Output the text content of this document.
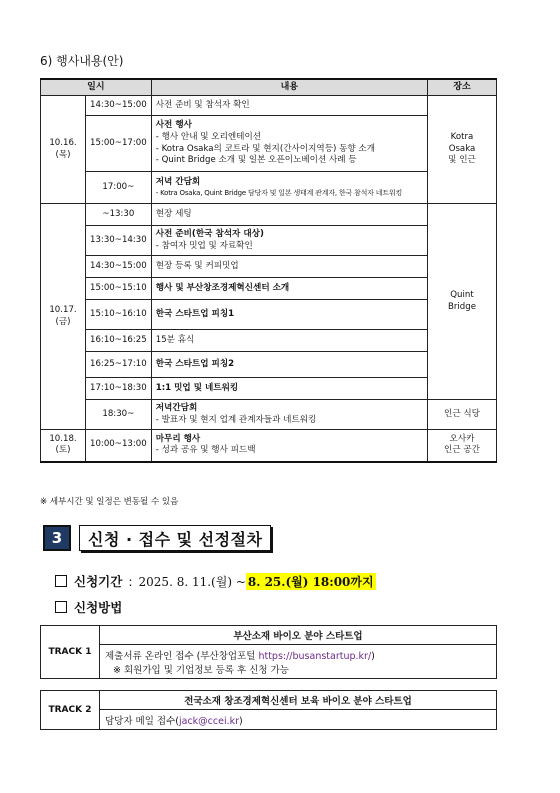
6) 행사내용(안)
일시		내용	장소

10.16.
(목)	14:30~15:00	사전 준비 및 참석자 확인	Kotra
Osaka
및 인근

	15:00~17:00	사전 행사
- 행사 안내 및 오리엔테이션
- Kotra Osaka의 코트라 및 현지(간사이지역등) 동향 소개
- Quint Bridge 소개 및 일본 오픈이노베이션 사례 등	

	17:00~	저녁 간담회
- Kotra Osaka, Quint Bridge 담당자 및 일본 생태계 관계자, 한국 참석자 네트워킹	

10.17.
(금)	~13:30	현장 세팅	Quint
Bridge

	13:30~14:30	사전 준비(한국 참석자 대상)
- 참여자 밋업 및 자료확인	

	14:30~15:00	현장 등록 및 커피밋업	
	15:00~15:10	행사 및 부산창조경제혁신센터 소개	
	15:10~16:10	한국 스타트업 피칭1	
	16:10~16:25	15분 휴식	
	16:25~17:10	한국 스타트업 피칭2	
	17:10~18:30	1:1 밋업 및 네트워킹	
	18:30~	저녁간담회
- 발표자 및 현지 업계 관계자들과 네트워킹	인근 식당

10.18.
(토)	10:00~13:00	마무리 행사
- 성과 공유 및 행사 피드백	오사카
인근 공간
※ 세부시간 및 일정은 변동될 수 있음
3	신청 · 접수 및 선정절차
신청기간 : 2025. 8. 11.(월) ~ 8. 25.(월) 18:00까지
신청방법
TRACK 1	부산소재 바이오 분야 스타트업

제출서류 온라인 접수 (부산창업포털 https://busanstartup.kr/)
※ 회원가입 및 기업정보 등록 후 신청 가능
TRACK 2	전국소재 창조경제혁신센터 보육 바이오 분야 스타트업
담당자 메일 접수(jack@ccei.kr)
